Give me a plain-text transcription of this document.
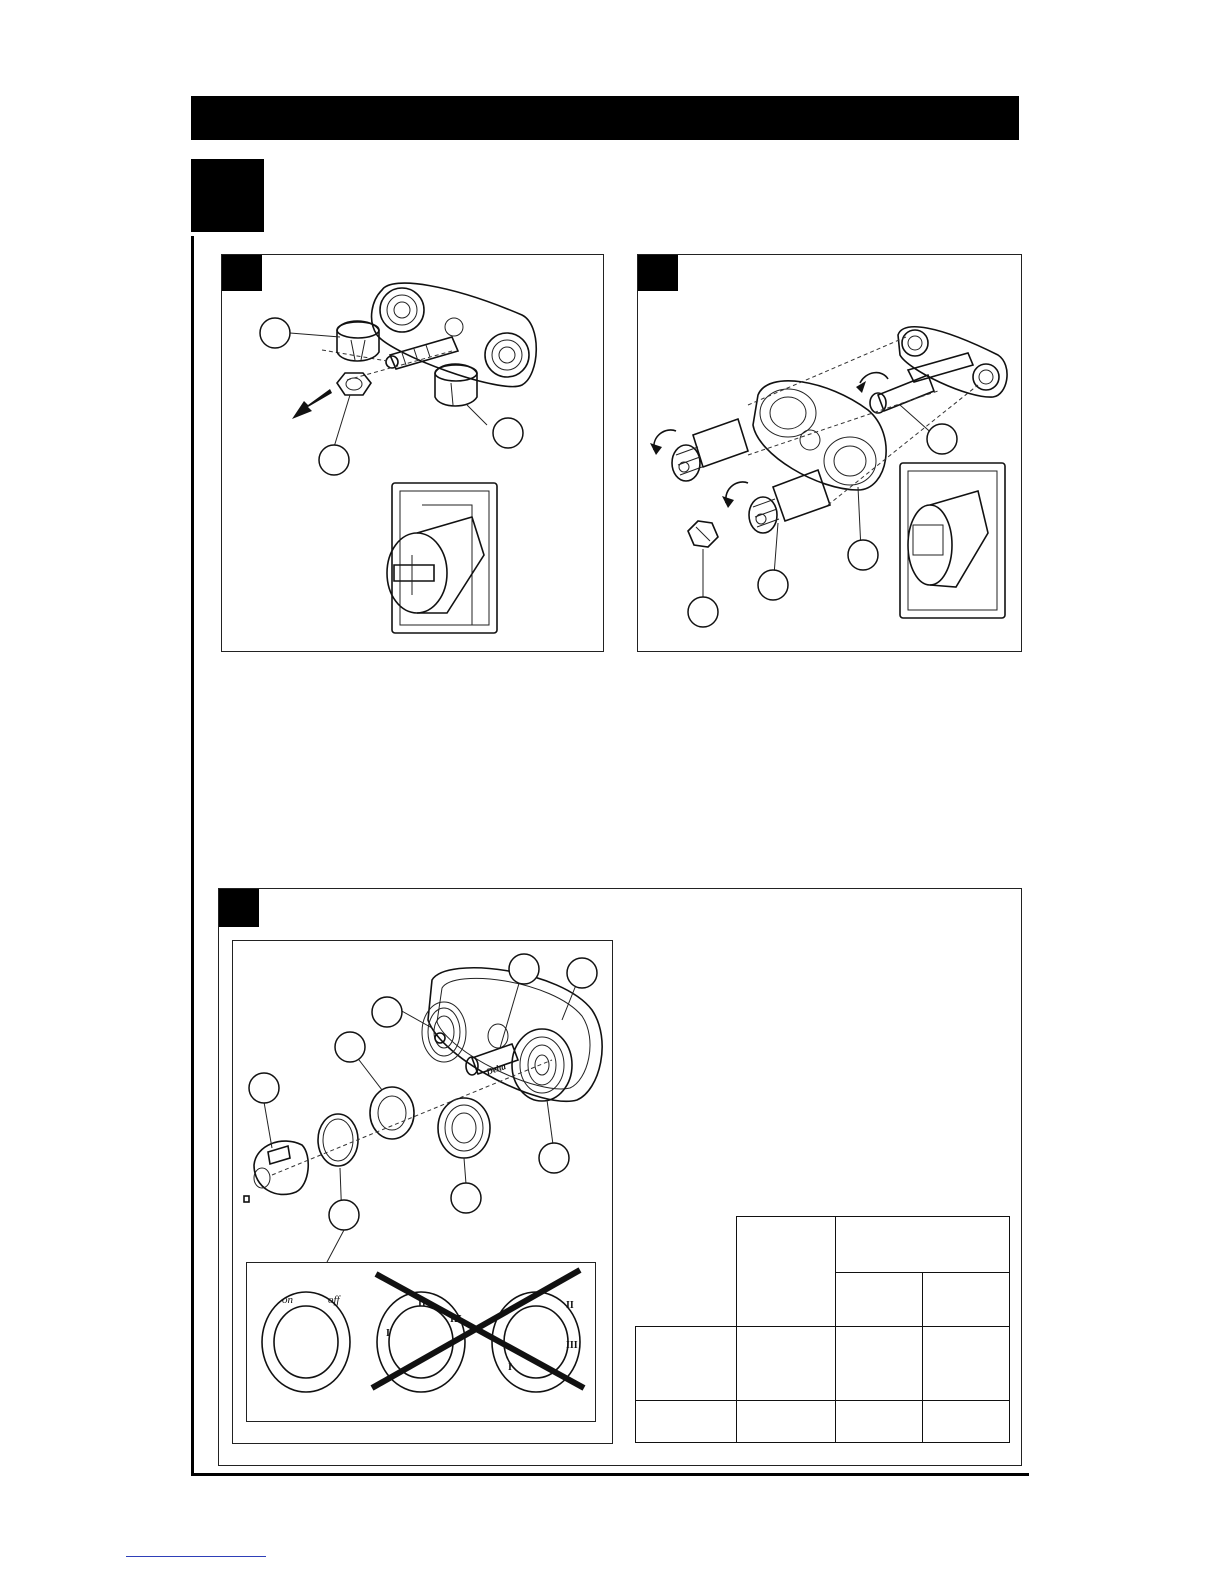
Delta
on	off
I
II
III
I
II
III
